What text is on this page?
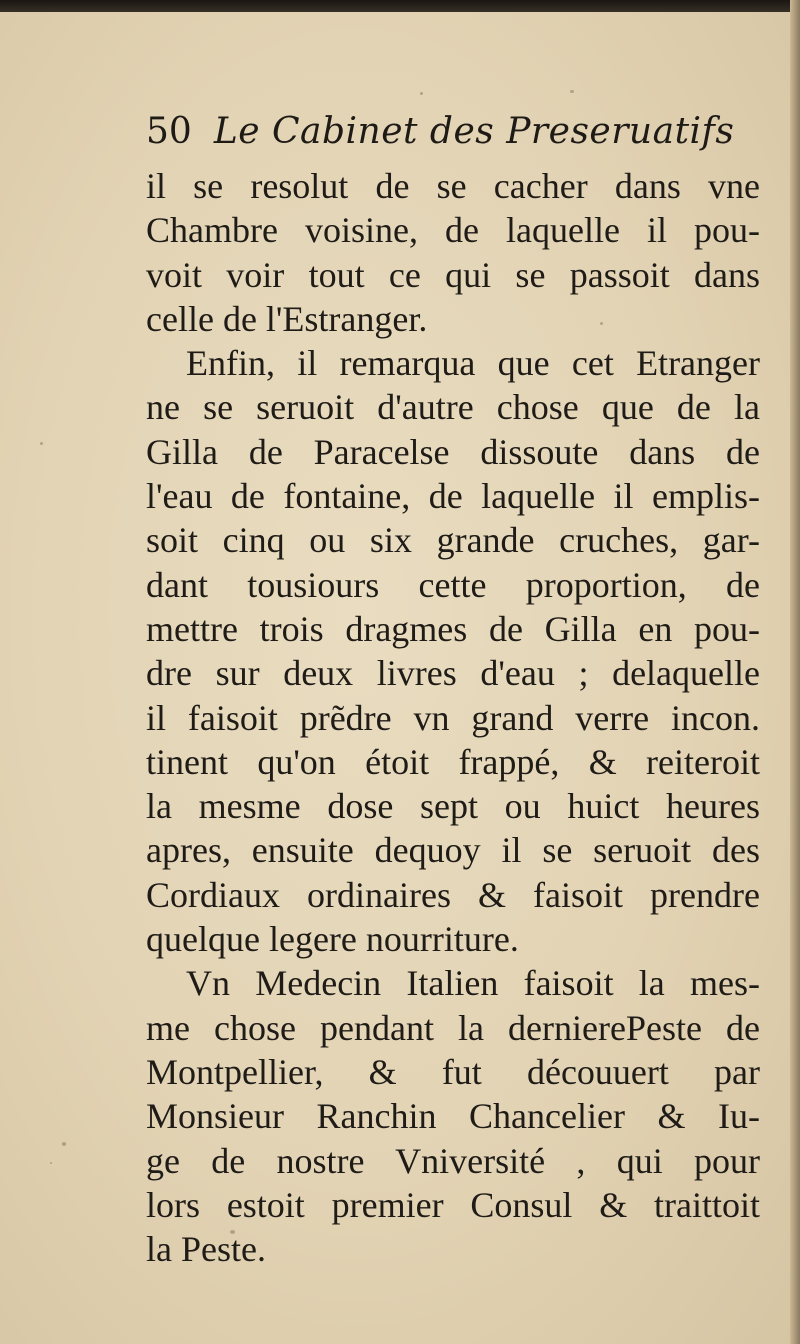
50 Le Cabinet des Preseruatifs
il se resolut de se cacher dans vne
Chambre voisine, de laquelle il pou-
voit voir tout ce qui se passoit dans
celle de l'Estranger.
Enfin, il remarqua que cet Etranger
ne se seruoit d'autre chose que de la
Gilla de Paracelse dissoute dans de
l'eau de fontaine, de laquelle il emplis-
soit cinq ou six grande cruches, gar-
dant tousiours cette proportion, de
mettre trois dragmes de Gilla en pou-
dre sur deux livres d'eau ; delaquelle
il faisoit prẽdre vn grand verre incon.
tinent qu'on étoit frappé, & reiteroit
la mesme dose sept ou huict heures
apres, ensuite dequoy il se seruoit des
Cordiaux ordinaires & faisoit prendre
quelque legere nourriture.
Vn Medecin Italien faisoit la mes-
me chose pendant la dernierePeste de
Montpellier, & fut découuert par
Monsieur Ranchin Chancelier & Iu-
ge de nostre Vniversité , qui pour
lors estoit premier Consul & traittoit
la Peste.
